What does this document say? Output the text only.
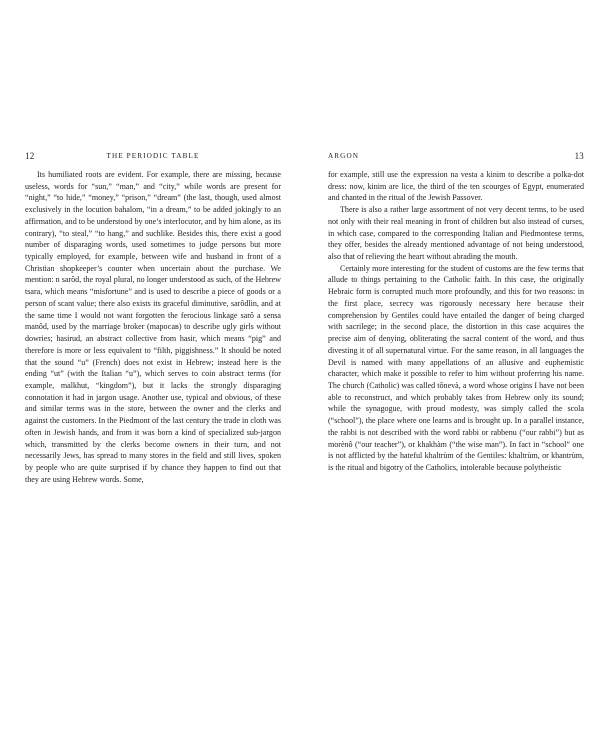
12	THE PERIODIC TABLE

Its humiliated roots are evident. For example, there are missing, because useless, words for “sun,” “man,” and “city,” while words are present for “night,” “to hide,” “money,” “prison,” “dream” (the last, though, used almost exclusively in the locution bahalom, “in a dream,” to be added jokingly to an affirmation, and to be understood by one’s interlocutor, and by him alone, as its contrary), “to steal,” “to hang,” and suchlike. Besides this, there exist a good number of disparaging words, used sometimes to judge persons but more typically employed, for example, between wife and husband in front of a Christian shopkeeper’s counter when uncertain about the purchase. We mention: n sarôd, the royal plural, no longer understood as such, of the Hebrew tsara, which means “misfortune” and is used to describe a piece of goods or a person of scant value; there also exists its graceful diminutive, sarôdlìn, and at the same time I would not want forgotten the ferocious linkage sarô a sensa manôd, used by the marriage broker (maросав) to describe ugly girls without dowries; hasirud, an abstract collective from hasir, which means “pig” and therefore is more or less equivalent to “filth, piggishness.” It should be noted that the sound “u” (French) does not exist in Hebrew; instead here is the ending “ut” (with the Italian “u”), which serves to coin abstract terms (for example, malkhut, “kingdom”), but it lacks the strongly disparaging connotation it had in jargon usage. Another use, typical and obvious, of these and similar terms was in the store, between the owner and the clerks and against the customers. In the Piedmont of the last century the trade in cloth was often in Jewish hands, and from it was born a kind of specialized sub-jargon which, transmitted by the clerks become owners in their turn, and not necessarily Jews, has spread to many stores in the field and still lives, spoken by people who are quite surprised if by chance they happen to find out that they are using Hebrew words. Some,

ARGON	13

for example, still use the expression na vesta a kinim to describe a polka-dot dress: now, kinim are lice, the third of the ten scourges of Egypt, enumerated and chanted in the ritual of the Jewish Passover.

There is also a rather large assortment of not very decent terms, to be used not only with their real meaning in front of children but also instead of curses, in which case, compared to the corresponding Italian and Piedmontese terms, they offer, besides the already mentioned advantage of not being understood, also that of relieving the heart without abrading the mouth.

Certainly more interesting for the student of customs are the few terms that allude to things pertaining to the Catholic faith. In this case, the originally Hebraic form is corrupted much more profoundly, and this for two reasons: in the first place, secrecy was rigorously necessary here because their comprehension by Gentiles could have entailed the danger of being charged with sacrilege; in the second place, the distortion in this case acquires the precise aim of denying, obliterating the sacral content of the word, and thus divesting it of all supernatural virtue. For the same reason, in all languages the Devil is named with many appellations of an allusive and euphemistic character, which make it possible to refer to him without proferring his name. The church (Catholic) was called tônevà, a word whose origins I have not been able to reconstruct, and which probably takes from Hebrew only its sound; while the synagogue, with proud modesty, was simply called the scola (“school”), the place where one learns and is brought up. In a parallel instance, the rabbi is not described with the word rabbi or rabbenu (“our rabbi”) but as morènô (“our teacher”), or khakhàm (“the wise man”). In fact in “school” one is not afflicted by the hateful khaltrùm of the Gentiles: khaltrùm, or khantrùm, is the ritual and bigotry of the Catholics, intolerable because polytheistic
